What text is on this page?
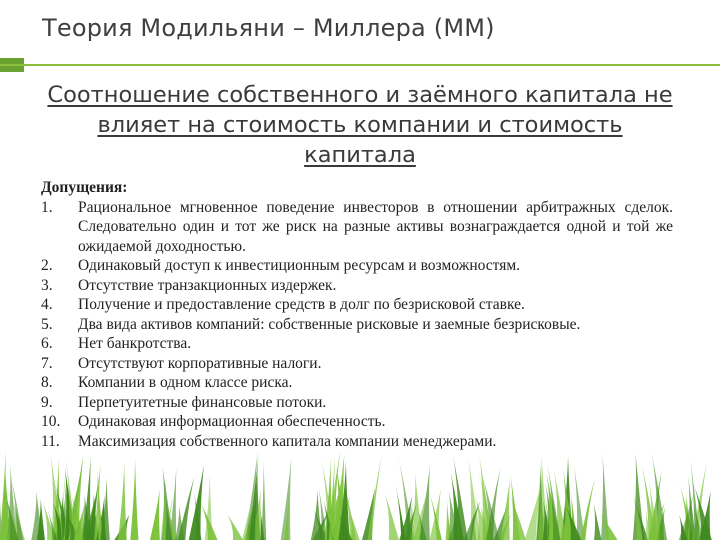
Теория Модильяни – Миллера (ММ)
Соотношение собственного и заёмного капитала не влияет на стоимость компании и стоимость капитала
Допущения:
1.	Рациональное мгновенное поведение инвесторов в отношении арбитражных сделок. Следовательно один и тот же риск на разные активы вознаграждается одной и той же ожидаемой доходностью.
2.	Одинаковый доступ к инвестиционным ресурсам и возможностям.
3.	Отсутствие транзакционных издержек.
4.	Получение и предоставление средств в долг по безрисковой ставке.
5.	Два вида активов компаний: собственные рисковые и заемные безрисковые.
6.	Нет банкротства.
7.	Отсутствуют корпоративные налоги.
8.	Компании в одном классе риска.
9.	Перпетуитетные финансовые потоки.
10.	Одинаковая информационная обеспеченность.
11.	Максимизация собственного капитала компании менеджерами.
